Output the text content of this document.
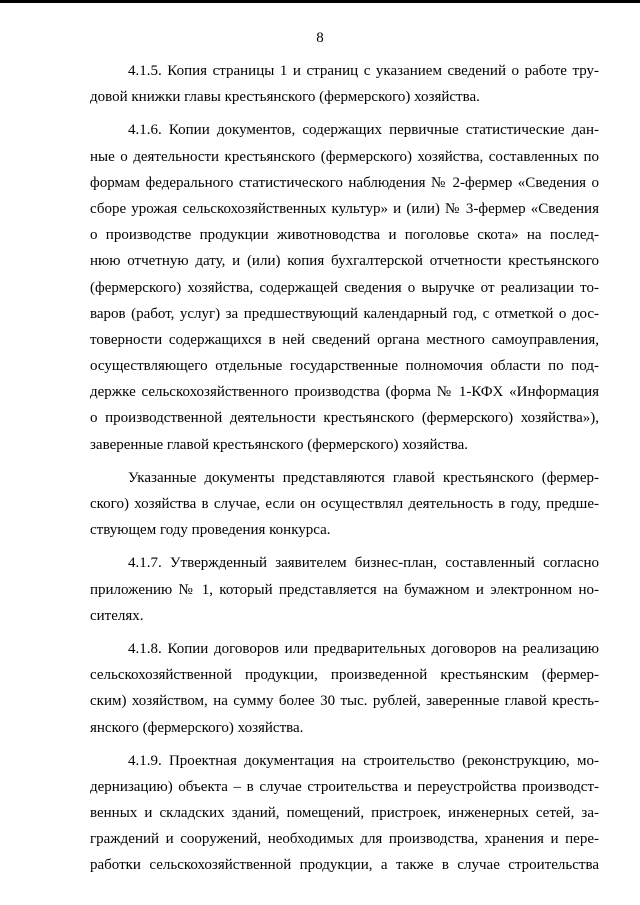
8
4.1.5. Копия страницы 1 и страниц с указанием сведений о работе тру-
довой книжки главы крестьянского (фермерского) хозяйства.
4.1.6. Копии документов, содержащих первичные статистические дан-
ные о деятельности крестьянского (фермерского) хозяйства, составленных по
формам федерального статистического наблюдения № 2-фермер «Сведения о
сборе урожая сельскохозяйственных культур» и (или) № 3-фермер «Сведения
о производстве продукции животноводства и поголовье скота» на послед-
нюю отчетную дату, и (или) копия бухгалтерской отчетности крестьянского
(фермерского) хозяйства, содержащей сведения о выручке от реализации то-
варов (работ, услуг) за предшествующий календарный год, с отметкой о дос-
товерности содержащихся в ней сведений органа местного самоуправления,
осуществляющего отдельные государственные полномочия области по под-
держке сельскохозяйственного производства (форма № 1-КФХ «Информация
о производственной деятельности крестьянского (фермерского) хозяйства»),
заверенные главой крестьянского (фермерского) хозяйства.
Указанные документы представляются главой крестьянского (фермер-
ского) хозяйства в случае, если он осуществлял деятельность в году, предше-
ствующем году проведения конкурса.
4.1.7. Утвержденный заявителем бизнес-план, составленный согласно
приложению № 1, который представляется на бумажном и электронном но-
сителях.
4.1.8. Копии договоров или предварительных договоров на реализацию
сельскохозяйственной продукции, произведенной крестьянским (фермер-
ским) хозяйством, на сумму более 30 тыс. рублей, заверенные главой кресть-
янского (фермерского) хозяйства.
4.1.9. Проектная документация на строительство (реконструкцию, мо-
дернизацию) объекта – в случае строительства и переустройства производст-
венных и складских зданий, помещений, пристроек, инженерных сетей, за-
граждений и сооружений, необходимых для производства, хранения и пере-
работки сельскохозяйственной продукции, а также в случае строительства
